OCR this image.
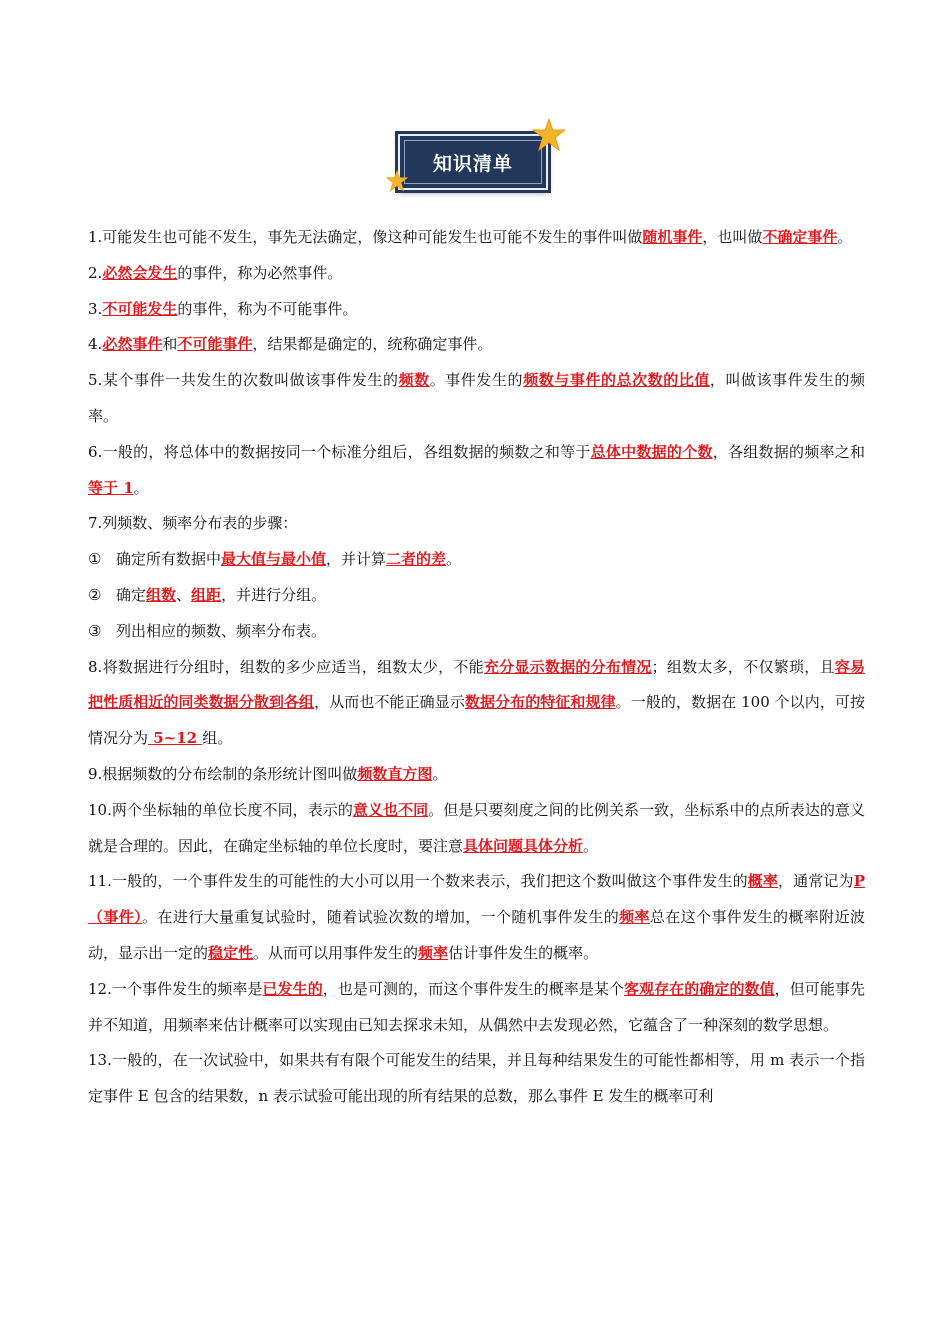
知识清单

1.可能发生也可能不发生，事先无法确定，像这种可能发生也可能不发生的事件叫做随机事件，也叫做不确定事件。

2.必然会发生的事件，称为必然事件。

3.不可能发生的事件，称为不可能事件。

4.必然事件和不可能事件，结果都是确定的，统称确定事件。

5.某个事件一共发生的次数叫做该事件发生的频数。事件发生的频数与事件的总次数的比值，叫做该事件发生的频率。

6.一般的，将总体中的数据按同一个标准分组后，各组数据的频数之和等于总体中数据的个数，各组数据的频率之和等于 1。

7.列频数、频率分布表的步骤：

① 确定所有数据中最大值与最小值，并计算二者的差。

② 确定组数、组距，并进行分组。

③ 列出相应的频数、频率分布表。

8.将数据进行分组时，组数的多少应适当，组数太少，不能充分显示数据的分布情况；组数太多，不仅繁琐，且容易把性质相近的同类数据分散到各组，从而也不能正确显示数据分布的特征和规律。一般的，数据在 100 个以内，可按情况分为 5~12 组。

9.根据频数的分布绘制的条形统计图叫做频数直方图。

10.两个坐标轴的单位长度不同，表示的意义也不同。但是只要刻度之间的比例关系一致，坐标系中的点所表达的意义就是合理的。因此，在确定坐标轴的单位长度时，要注意具体问题具体分析。

11.一般的，一个事件发生的可能性的大小可以用一个数来表示，我们把这个数叫做这个事件发生的概率，通常记为P（事件）。在进行大量重复试验时，随着试验次数的增加，一个随机事件发生的频率总在这个事件发生的概率附近波动，显示出一定的稳定性。从而可以用事件发生的频率估计事件发生的概率。

12.一个事件发生的频率是已发生的，也是可测的，而这个事件发生的概率是某个客观存在的确定的数值，但可能事先并不知道，用频率来估计概率可以实现由已知去探求未知，从偶然中去发现必然，它蕴含了一种深刻的数学思想。

13.一般的，在一次试验中，如果共有有限个可能发生的结果，并且每种结果发生的可能性都相等，用 m 表示一个指定事件 E 包含的结果数，n 表示试验可能出现的所有结果的总数，那么事件 E 发生的概率可利
